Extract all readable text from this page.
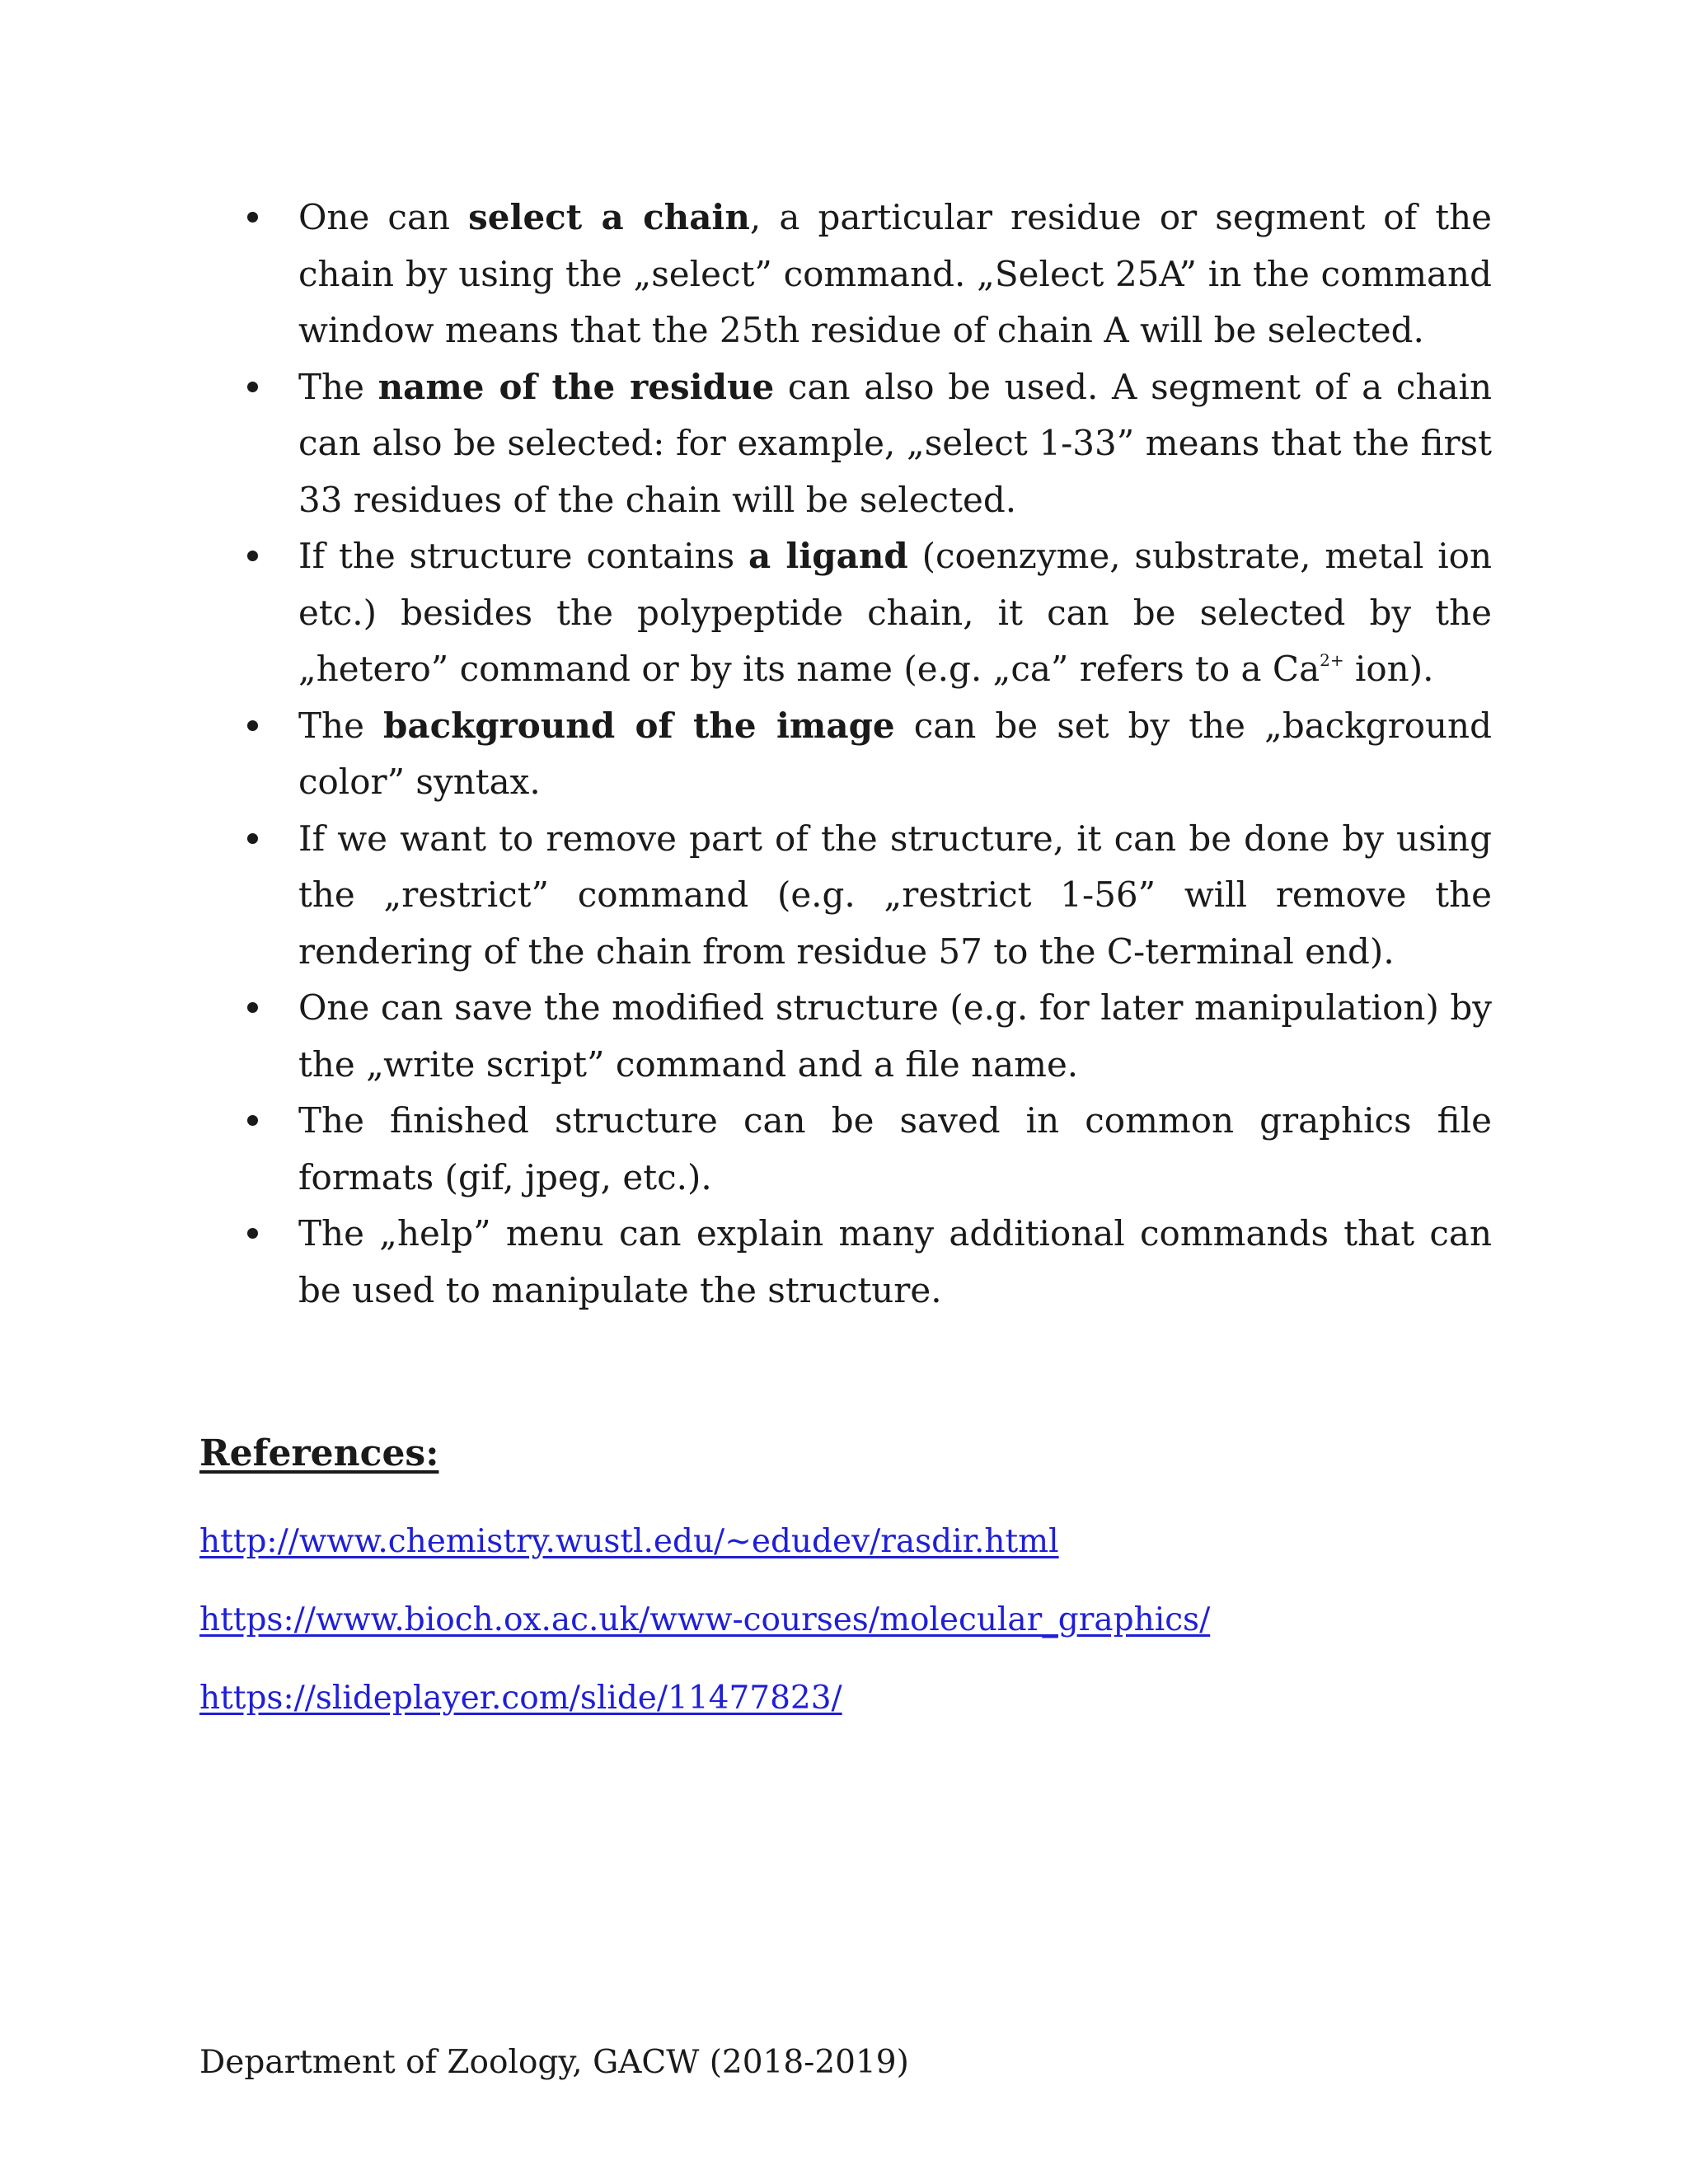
One can select a chain, a particular residue or segment of the chain by using the „select” command. „Select 25A” in the command window means that the 25th residue of chain A will be selected.
The name of the residue can also be used. A segment of a chain can also be selected: for example, „select 1-33” means that the first 33 residues of the chain will be selected.
If the structure contains a ligand (coenzyme, substrate, metal ion etc.) besides the polypeptide chain, it can be selected by the „hetero” command or by its name (e.g. „ca” refers to a $Ca^{2+}$ ion).
The background of the image can be set by the „background color” syntax.
If we want to remove part of the structure, it can be done by using the „restrict” command (e.g. „restrict 1-56” will remove the rendering of the chain from residue 57 to the C-terminal end).
One can save the modified structure (e.g. for later manipulation) by the „write script” command and a file name.
The finished structure can be saved in common graphics file formats (gif, jpeg, etc.).
The „help” menu can explain many additional commands that can be used to manipulate the structure.
References:
http://www.chemistry.wustl.edu/~edudev/rasdir.html
https://www.bioch.ox.ac.uk/www-courses/molecular_graphics/
https://slideplayer.com/slide/11477823/

Department of Zoology, GACW (2018-2019)
